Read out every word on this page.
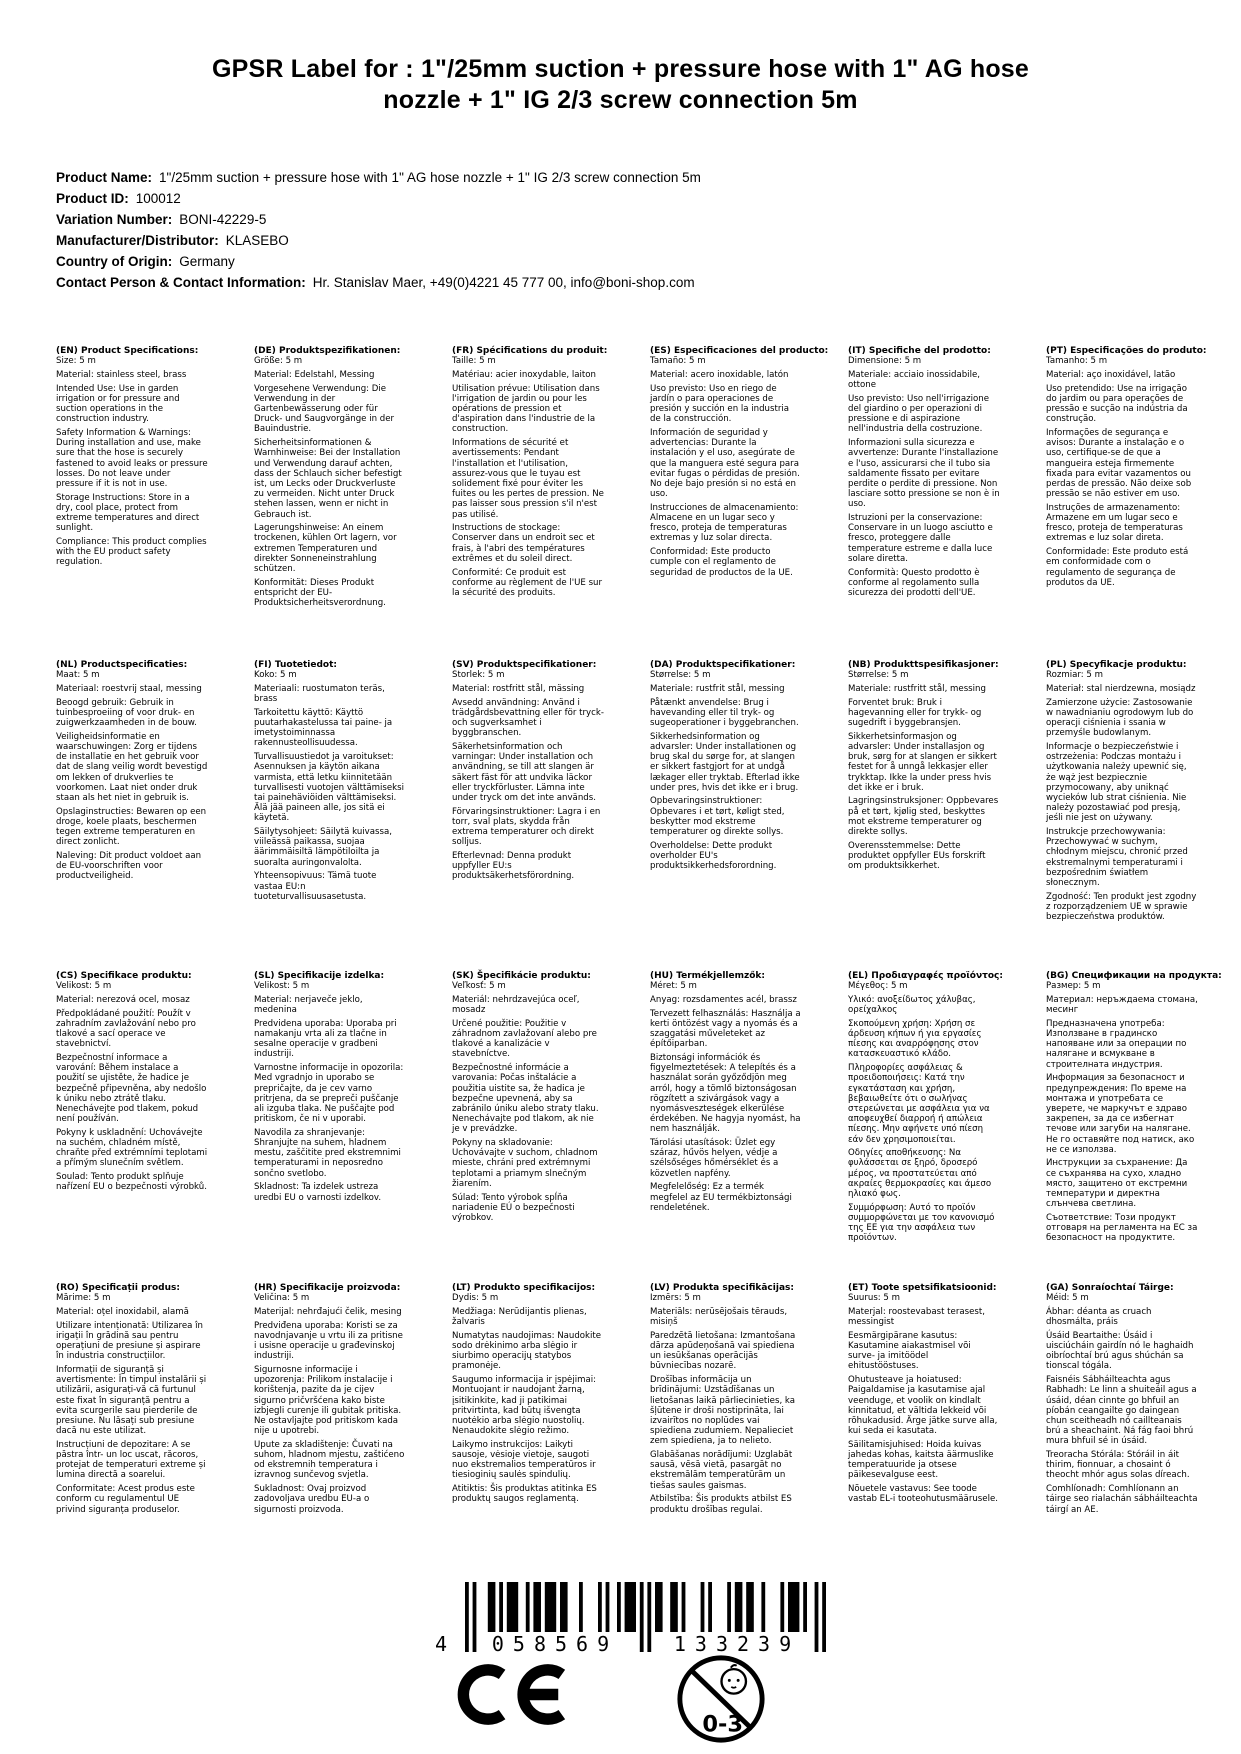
GPSR Label for : 1"/25mm suction + pressure hose with 1" AG hose
nozzle + 1" IG 2/3 screw connection 5m
Product Name: 1"/25mm suction + pressure hose with 1" AG hose nozzle + 1" IG 2/3 screw connection 5m
Product ID: 100012
Variation Number: BONI-42229-5
Manufacturer/Distributor: KLASEBO
Country of Origin: Germany
Contact Person & Contact Information: Hr. Stanislav Maer, +49(0)4221 45 777 00, info@boni-shop.com
(EN) Product Specifications:

Size: 5 m

Material: stainless steel, brass

Intended Use: Use in garden irrigation or for pressure and suction operations in the construction industry.

Safety Information & Warnings: During installation and use, make sure that the hose is securely fastened to avoid leaks or pressure losses. Do not leave under pressure if it is not in use.

Storage Instructions: Store in a dry, cool place, protect from extreme temperatures and direct sunlight.

Compliance: This product complies with the EU product safety regulation.

(NL) Productspecificaties:

Maat: 5 m

Materiaal: roestvrij staal, messing

Beoogd gebruik: Gebruik in tuinbesproeiing of voor druk- en zuigwerkzaamheden in de bouw.

Veiligheidsinformatie en waarschuwingen: Zorg er tijdens de installatie en het gebruik voor dat de slang veilig wordt bevestigd om lekken of drukverlies te voorkomen. Laat niet onder druk staan als het niet in gebruik is.

Opslaginstructies: Bewaren op een droge, koele plaats, beschermen tegen extreme temperaturen en direct zonlicht.

Naleving: Dit product voldoet aan de EU-voorschriften voor productveiligheid.

(CS) Specifikace produktu:

Velikost: 5 m

Material: nerezová ocel, mosaz

Předpokládané použití: Použít v zahradním zavlažování nebo pro tlakové a sací operace ve stavebnictví.

Bezpečnostní informace a varování: Během instalace a použití se ujistěte, že hadice je bezpečně připevněna, aby nedošlo k úniku nebo ztrátě tlaku. Nenechávejte pod tlakem, pokud není používán.

Pokyny k uskladnění: Uchovávejte na suchém, chladném místě, chraňte před extrémními teplotami a přímým slunečním světlem.

Soulad: Tento produkt splňuje nařízení EU o bezpečnosti výrobků.

(RO) Specificații produs:

Mărime: 5 m

Material: oțel inoxidabil, alamă

Utilizare intenționată: Utilizarea în irigații în grădină sau pentru operațiuni de presiune și aspirare în industria construcțiilor.

Informații de siguranță și avertismente: În timpul instalării și utilizării, asigurați-vă că furtunul este fixat în siguranță pentru a evita scurgerile sau pierderile de presiune. Nu lăsați sub presiune dacă nu este utilizat.

Instrucțiuni de depozitare: A se păstra într- un loc uscat, răcoros, protejat de temperaturi extreme și lumina directă a soarelui.

Conformitate: Acest produs este conform cu regulamentul UE privind siguranța produselor.

(DE) Produktspezifikationen:

Größe: 5 m

Material: Edelstahl, Messing

Vorgesehene Verwendung: Die Verwendung in der Gartenbewässerung oder für Druck- und Saugvorgänge in der Bauindustrie.

Sicherheitsinformationen & Warnhinweise: Bei der Installation und Verwendung darauf achten, dass der Schlauch sicher befestigt ist, um Lecks oder Druckverluste zu vermeiden. Nicht unter Druck stehen lassen, wenn er nicht in Gebrauch ist.

Lagerungshinweise: An einem trockenen, kühlen Ort lagern, vor extremen Temperaturen und direkter Sonneneinstrahlung schützen.

Konformität: Dieses Produkt entspricht der EU-Produktsicherheitsverordnung.

(FI) Tuotetiedot:

Koko: 5 m

Materiaali: ruostumaton teräs, brass

Tarkoitettu käyttö: Käyttö puutarhakastelussa tai paine- ja imetystoiminnassa rakennusteollisuudessa.

Turvallisuustiedot ja varoitukset: Asennuksen ja käytön aikana varmista, että letku kiinnitetään turvallisesti vuotojen välttämiseksi tai painehäviöiden välttämiseksi. Älä jää paineen alle, jos sitä ei käytetä.

Säilytysohjeet: Säilytä kuivassa, viileässä paikassa, suojaa äärimmäisiltä lämpötiloilta ja suoralta auringonvalolta.

Yhteensopivuus: Tämä tuote vastaa EU:n tuoteturvallisuusasetusta.

(SL) Specifikacije izdelka:

Velikost: 5 m

Material: nerjaveče jeklo, medenina

Predvidena uporaba: Uporaba pri namakanju vrta ali za tlačne in sesalne operacije v gradbeni industriji.

Varnostne informacije in opozorila: Med vgradnjo in uporabo se prepričajte, da je cev varno pritrjena, da se prepreči puščanje ali izguba tlaka. Ne puščajte pod pritiskom, če ni v uporabi.

Navodila za shranjevanje: Shranjujte na suhem, hladnem mestu, zaščitite pred ekstremnimi temperaturami in neposredno sončno svetlobo.

Skladnost: Ta izdelek ustreza uredbi EU o varnosti izdelkov.

(HR) Specifikacije proizvoda:

Veličina: 5 m

Materijal: nehrđajući čelik, mesing

Predviđena uporaba: Koristi se za navodnjavanje u vrtu ili za pritisne i usisne operacije u građevinskoj industriji.

Sigurnosne informacije i upozorenja: Prilikom instalacije i korištenja, pazite da je cijev sigurno pričvršćena kako biste izbjegli curenje ili gubitak pritiska. Ne ostavljajte pod pritiskom kada nije u upotrebi.

Upute za skladištenje: Čuvati na suhom, hladnom mjestu, zaštićeno od ekstremnih temperatura i izravnog sunčevog svjetla.

Sukladnost: Ovaj proizvod zadovoljava uredbu EU-a o sigurnosti proizvoda.

(FR) Spécifications du produit:

Taille: 5 m

Matériau: acier inoxydable, laiton

Utilisation prévue: Utilisation dans l'irrigation de jardin ou pour les opérations de pression et d'aspiration dans l'industrie de la construction.

Informations de sécurité et avertissements: Pendant l'installation et l'utilisation, assurez-vous que le tuyau est solidement fixé pour éviter les fuites ou les pertes de pression. Ne pas laisser sous pression s'il n'est pas utilisé.

Instructions de stockage: Conserver dans un endroit sec et frais, à l'abri des températures extrêmes et du soleil direct.

Conformité: Ce produit est conforme au règlement de l'UE sur la sécurité des produits.

(SV) Produktspecifikationer:

Storlek: 5 m

Material: rostfritt stål, mässing

Avsedd användning: Använd i trädgårdsbevattning eller för tryck- och sugverksamhet i byggbranschen.

Säkerhetsinformation och varningar: Under installation och användning, se till att slangen är säkert fäst för att undvika läckor eller tryckförluster. Lämna inte under tryck om det inte används.

Förvaringsinstruktioner: Lagra i en torr, sval plats, skydda från extrema temperaturer och direkt solljus.

Efterlevnad: Denna produkt uppfyller EU:s produktsäkerhetsförordning.

(SK) Špecifikácie produktu:

Veľkosť: 5 m

Materiál: nehrdzavejúca oceľ, mosadz

Určené použitie: Použitie v záhradnom zavlažovaní alebo pre tlakové a kanalizácie v stavebníctve.

Bezpečnostné informácie a varovania: Počas inštalácie a použitia uistite sa, že hadica je bezpečne upevnená, aby sa zabránilo úniku alebo straty tlaku. Nenechávajte pod tlakom, ak nie je v prevádzke.

Pokyny na skladovanie: Uchovávajte v suchom, chladnom mieste, chráni pred extrémnymi teplotami a priamym slnečným žiarením.

Súlad: Tento výrobok spĺňa nariadenie EÚ o bezpečnosti výrobkov.

(LT) Produkto specifikacijos:

Dydis: 5 m

Medžiaga: Nerūdijantis plienas, žalvaris

Numatytas naudojimas: Naudokite sodo drėkinimo arba slėgio ir siurbimo operacijų statybos pramonėje.

Saugumo informacija ir įspėjimai: Montuojant ir naudojant žarną, įsitikinkite, kad ji patikimai pritvirtinta, kad būtų išvengta nuotėkio arba slėgio nuostolių. Nenaudokite slėgio režimo.

Laikymo instrukcijos: Laikyti sausoje, vėsioje vietoje, saugoti nuo ekstremalios temperatūros ir tiesioginių saulės spindulių.

Atitiktis: Šis produktas atitinka ES produktų saugos reglamentą.

(ES) Especificaciones del producto:

Tamaño: 5 m

Material: acero inoxidable, latón

Uso previsto: Uso en riego de jardín o para operaciones de presión y succión en la industria de la construcción.

Información de seguridad y advertencias: Durante la instalación y el uso, asegúrate de que la manguera esté segura para evitar fugas o pérdidas de presión. No deje bajo presión si no está en uso.

Instrucciones de almacenamiento: Almacene en un lugar seco y fresco, proteja de temperaturas extremas y luz solar directa.

Conformidad: Este producto cumple con el reglamento de seguridad de productos de la UE.

(DA) Produktspecifikationer:

Størrelse: 5 m

Materiale: rustfrit stål, messing

Påtænkt anvendelse: Brug i havevanding eller til tryk- og sugeoperationer i byggebranchen.

Sikkerhedsinformation og advarsler: Under installationen og brug skal du sørge for, at slangen er sikkert fastgjort for at undgå lækager eller tryktab. Efterlad ikke under pres, hvis det ikke er i brug.

Opbevaringsinstruktioner: Opbevares i et tørt, køligt sted, beskytter mod ekstreme temperaturer og direkte sollys.

Overholdelse: Dette produkt overholder EU's produktsikkerhedsforordning.

(HU) Termékjellemzők:

Méret: 5 m

Anyag: rozsdamentes acél, brassz

Tervezett felhasználás: Használja a kerti öntözést vagy a nyomás és a szaggatási műveleteket az építőiparban.

Biztonsági információk és figyelmeztetések: A telepítés és a használat során győződjön meg arról, hogy a tömlő biztonságosan rögzített a szivárgások vagy a nyomásveszteségek elkerülése érdekében. Ne hagyja nyomást, ha nem használják.

Tárolási utasítások: Üzlet egy száraz, hűvös helyen, védje a szélsőséges hőmérséklet és a közvetlen napfény.

Megfelelőség: Ez a termék megfelel az EU termékbiztonsági rendeletének.

(LV) Produkta specifikācijas:

Izmērs: 5 m

Materiāls: nerūsējošais tērauds, misiņš

Paredzētā lietošana: Izmantošana dārza apūdeņošanā vai spiediena un iesūkšanas operācijās būvniecības nozarē.

Drošības informācija un brīdinājumi: Uzstādīšanas un lietošanas laikā pārliecinieties, ka šļūtene ir droši nostiprināta, lai izvairītos no noplūdes vai spiediena zudumiem. Nepalieciet zem spiediena, ja to nelieto.

Glabāšanas norādījumi: Uzglabāt sausā, vēsā vietā, pasargāt no ekstremālām temperatūrām un tiešas saules gaismas.

Atbilstība: Šis produkts atbilst ES produktu drošības regulai.

(IT) Specifiche del prodotto:

Dimensione: 5 m

Materiale: acciaio inossidabile, ottone

Uso previsto: Uso nell'irrigazione del giardino o per operazioni di pressione e di aspirazione nell'industria della costruzione.

Informazioni sulla sicurezza e avvertenze: Durante l'installazione e l'uso, assicurarsi che il tubo sia saldamente fissato per evitare perdite o perdite di pressione. Non lasciare sotto pressione se non è in uso.

Istruzioni per la conservazione: Conservare in un luogo asciutto e fresco, proteggere dalle temperature estreme e dalla luce solare diretta.

Conformità: Questo prodotto è conforme al regolamento sulla sicurezza dei prodotti dell'UE.

(NB) Produkttspesifikasjoner:

Størrelse: 5 m

Materiale: rustfritt stål, messing

Forventet bruk: Bruk i hagevanning eller for trykk- og sugedrift i byggebransjen.

Sikkerhetsinformasjon og advarsler: Under installasjon og bruk, sørg for at slangen er sikkert festet for å unngå lekkasjer eller trykktap. Ikke la under press hvis det ikke er i bruk.

Lagringsinstruksjoner: Oppbevares på et tørt, kjølig sted, beskyttes mot ekstreme temperaturer og direkte sollys.

Overensstemmelse: Dette produktet oppfyller EUs forskrift om produktsikkerhet.

(EL) Προδιαγραφές προϊόντος:

Μέγεθος: 5 m

Υλικό: ανοξείδωτος χάλυβας, ορείχαλκος

Σκοπούμενη χρήση: Χρήση σε άρδευση κήπων ή για εργασίες πίεσης και αναρρόφησης στον κατασκευαστικό κλάδο.

Πληροφορίες ασφάλειας & προειδοποιήσεις: Κατά την εγκατάσταση και χρήση, βεβαιωθείτε ότι ο σωλήνας στερεώνεται με ασφάλεια για να αποφευχθεί διαρροή ή απώλεια πίεσης. Μην αφήνετε υπό πίεση εάν δεν χρησιμοποιείται.

Οδηγίες αποθήκευσης: Να φυλάσσεται σε ξηρό, δροσερό μέρος, να προστατεύεται από ακραίες θερμοκρασίες και άμεσο ηλιακό φως.

Συμμόρφωση: Αυτό το προϊόν συμμορφώνεται με τον κανονισμό της ΕΕ για την ασφάλεια των προϊόντων.

(ET) Toote spetsifikatsioonid:

Suurus: 5 m

Materjal: roostevabast terasest, messingist

Eesmärgipärane kasutus: Kasutamine aiakastmisel või surve- ja imitöödel ehitustööstuses.

Ohutusteave ja hoiatused: Paigaldamise ja kasutamise ajal veenduge, et voolik on kindlalt kinnitatud, et vältida lekkeid või rõhukadusid. Ärge jätke surve alla, kui seda ei kasutata.

Säilitamisjuhised: Hoida kuivas jahedas kohas, kaitsta äärmuslike temperatuuride ja otsese päikesevalguse eest.

Nõuetele vastavus: See toode vastab EL-i tooteohutusmäärusele.

(PT) Especificações do produto:

Tamanho: 5 m

Material: aço inoxidável, latão

Uso pretendido: Use na irrigação do jardim ou para operações de pressão e sucção na indústria da construção.

Informações de segurança e avisos: Durante a instalação e o uso, certifique-se de que a mangueira esteja firmemente fixada para evitar vazamentos ou perdas de pressão. Não deixe sob pressão se não estiver em uso.

Instruções de armazenamento: Armazene em um lugar seco e fresco, proteja de temperaturas extremas e luz solar direta.

Conformidade: Este produto está em conformidade com o regulamento de segurança de produtos da UE.

(PL) Specyfikacje produktu:

Rozmiar: 5 m

Materiał: stal nierdzewna, mosiądz

Zamierzone użycie: Zastosowanie w nawadnianiu ogrodowym lub do operacji ciśnienia i ssania w przemyśle budowlanym.

Informacje o bezpieczeństwie i ostrzeżenia: Podczas montażu i użytkowania należy upewnić się, że wąż jest bezpiecznie przymocowany, aby uniknąć wycieków lub strat ciśnienia. Nie należy pozostawiać pod presją, jeśli nie jest on używany.

Instrukcje przechowywania: Przechowywać w suchym, chłodnym miejscu, chronić przed ekstremalnymi temperaturami i bezpośrednim światłem słonecznym.

Zgodność: Ten produkt jest zgodny z rozporządzeniem UE w sprawie bezpieczeństwa produktów.

(BG) Спецификации на продукта:

Размер: 5 m

Материал: неръждаема стомана, месинг

Предназначена употреба: Използване в градинско напояване или за операции по налягане и всмукване в строителната индустрия.

Информация за безопасност и предупреждения: По време на монтажа и употребата се уверете, че маркучът е здраво закрепен, за да се избегнат течове или загуби на налягане. Не го оставяйте под натиск, ако не се използва.

Инструкции за съхранение: Да се съхранява на сухо, хладно място, защитено от екстремни температури и директна слънчева светлина.

Съответствие: Този продукт отговаря на регламента на ЕС за безопасност на продуктите.

(GA) Sonraíochtaí Táirge:

Méid: 5 m

Ábhar: déanta as cruach dhosmálta, práis

Úsáid Beartaithe: Úsáid i uisciúcháin gairdín nó le haghaidh oibríochtaí brú agus shúchán sa tionscal tógála.

Faisnéis Sábháilteachta agus Rabhadh: Le linn a shuiteáil agus a úsáid, déan cinnte go bhfuil an píobán ceangailte go daingean chun sceitheadh nó caillteanais brú a sheachaint. Ná fág faoi bhrú mura bhfuil sé in úsáid.

Treoracha Stórála: Stóráil in áit thirim, fionnuar, a chosaint ó theocht mhór agus solas díreach.

Comhlíonadh: Comhlíonann an táirge seo rialachán sábháilteachta táirgí an AE.

4	058569	133239
0-3
